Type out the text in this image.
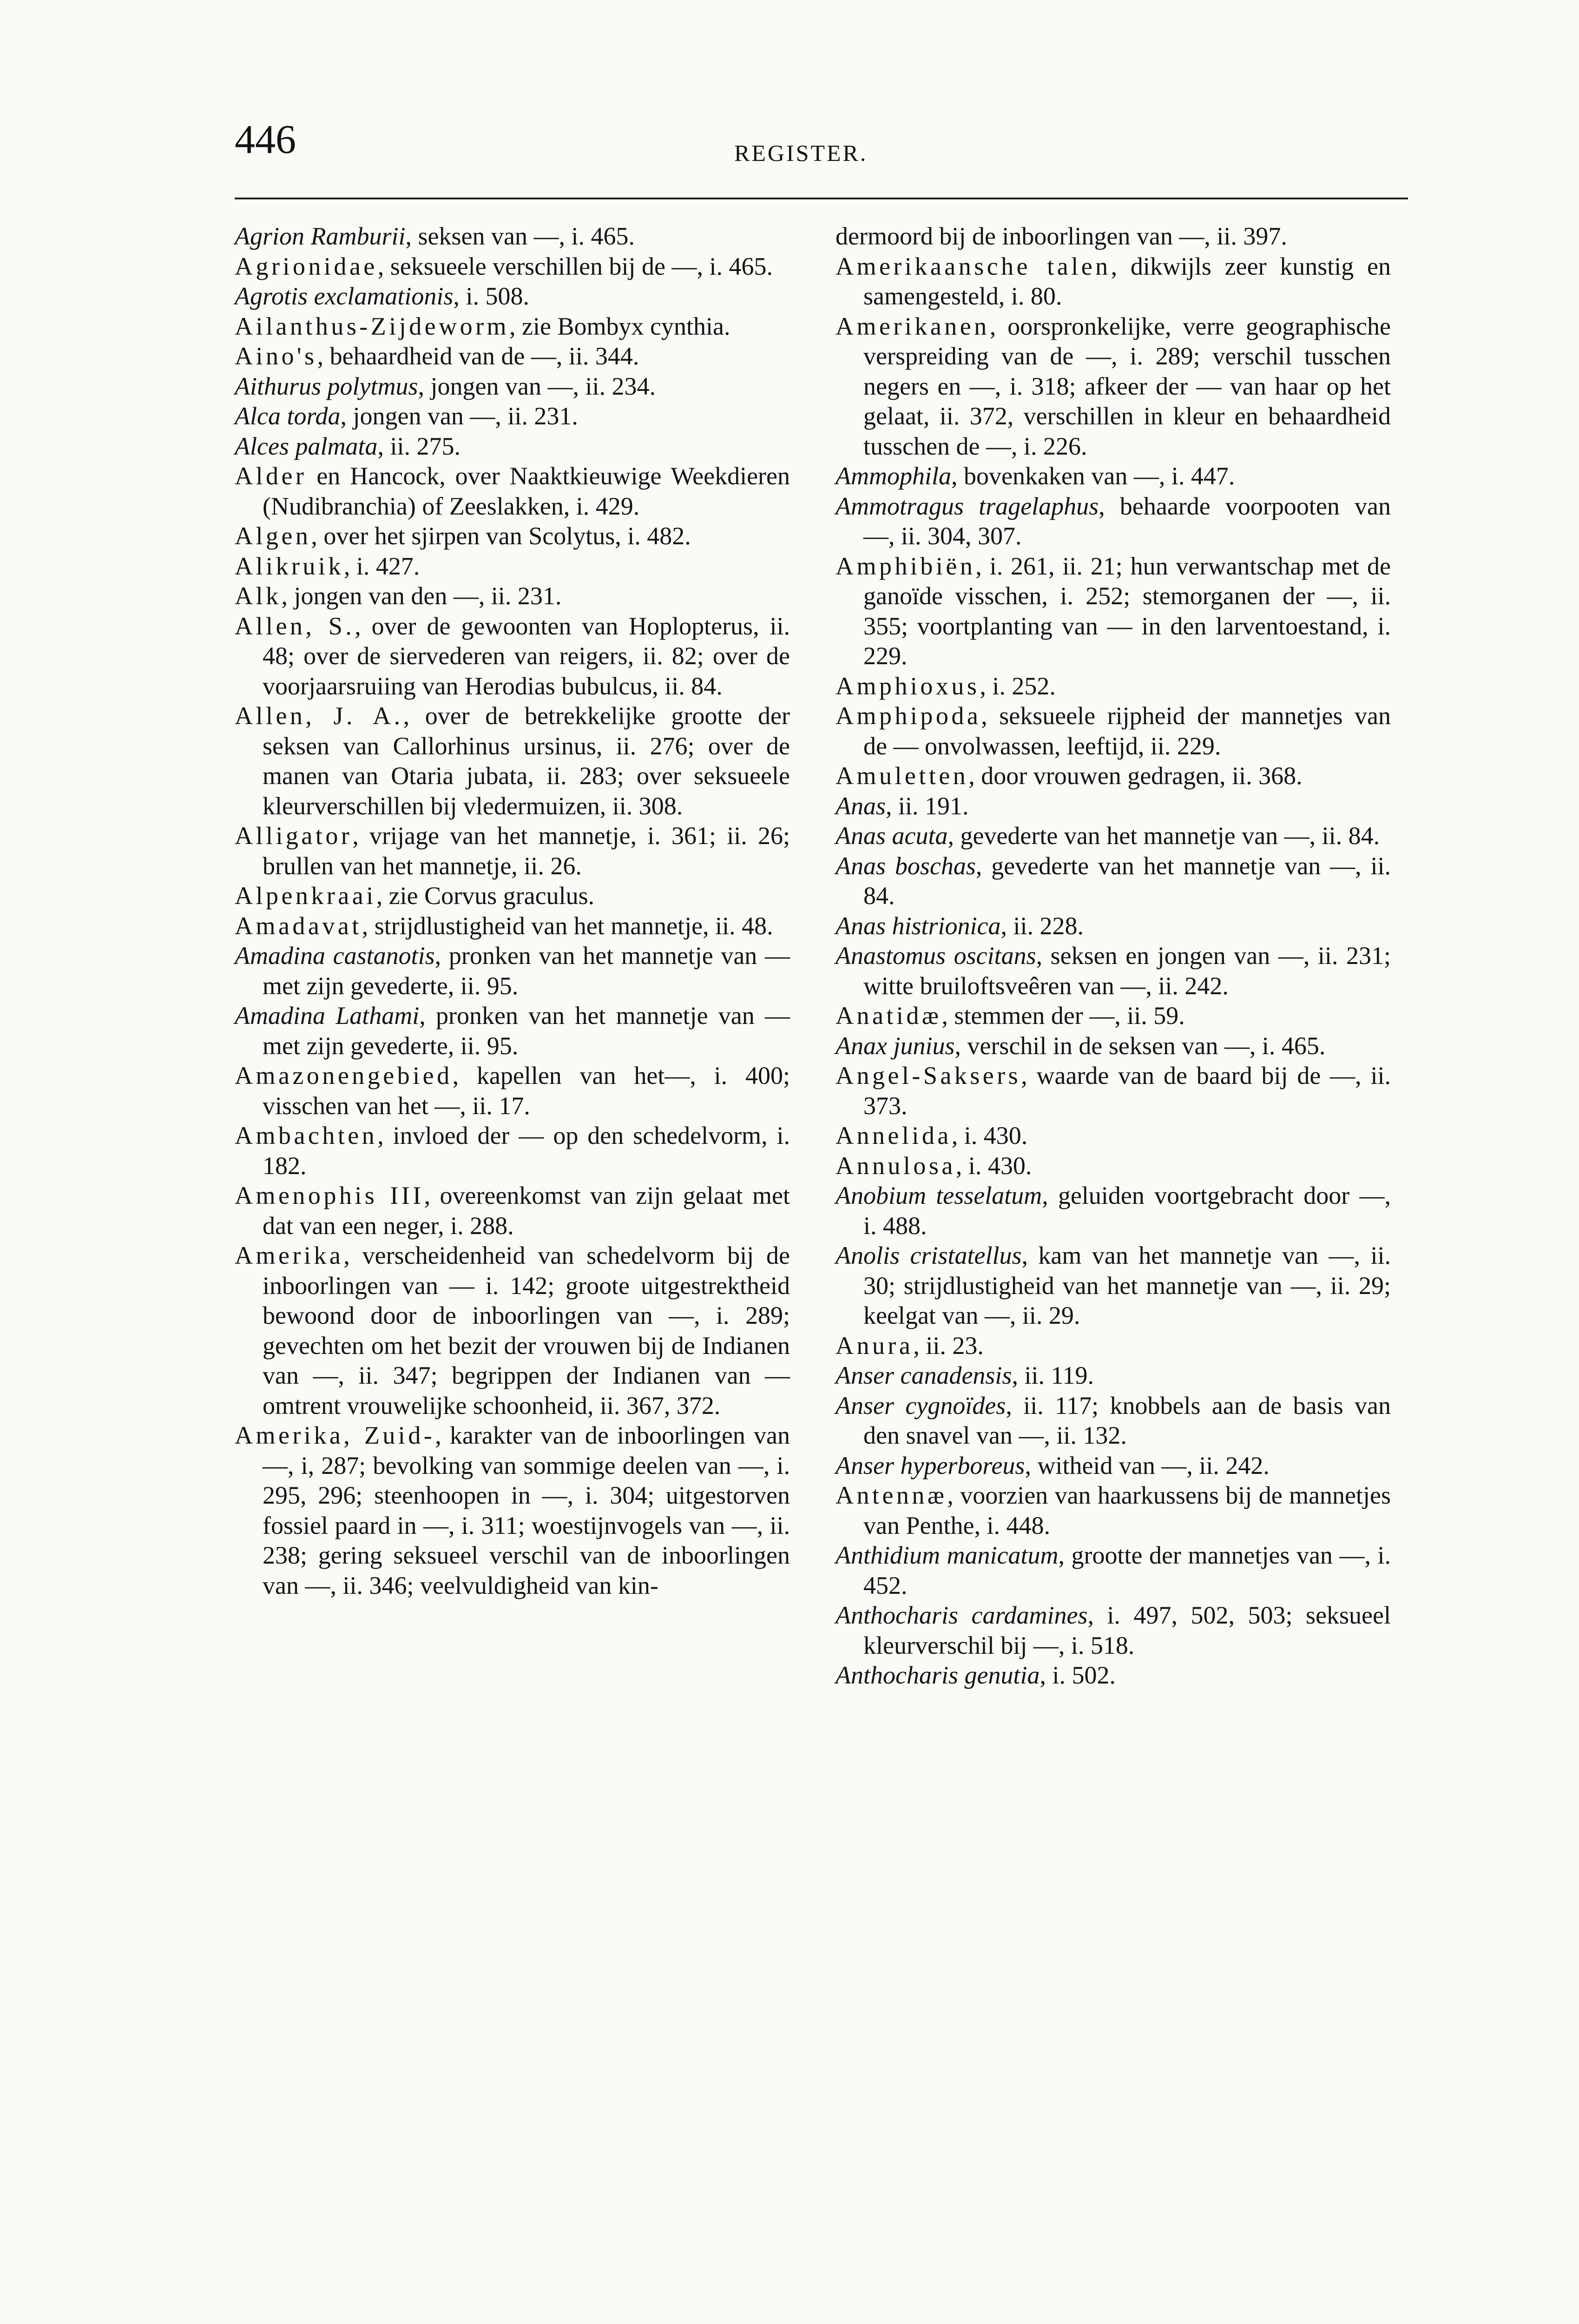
446	REGISTER.

Agrion Ramburii, seksen van —, i. 465.

Agrionidae, seksueele verschillen bij de —, i. 465.

Agrotis exclamationis, i. 508.

Ailanthus-Zijdeworm, zie Bombyx cynthia.

Aino's, behaardheid van de —, ii. 344.

Aithurus polytmus, jongen van —, ii. 234.

Alca torda, jongen van —, ii. 231.

Alces palmata, ii. 275.

Alder en Hancock, over Naaktkieuwige Weekdieren (Nudibranchia) of Zeeslakken, i. 429.

Algen, over het sjirpen van Scolytus, i. 482.

Alikruik, i. 427.

Alk, jongen van den —, ii. 231.

Allen, S., over de gewoonten van Hoplopterus, ii. 48; over de siervederen van reigers, ii. 82; over de voorjaarsruiing van Herodias bubulcus, ii. 84.

Allen, J. A., over de betrekkelijke grootte der seksen van Callorhinus ursinus, ii. 276; over de manen van Otaria jubata, ii. 283; over seksueele kleurverschillen bij vledermuizen, ii. 308.

Alligator, vrijage van het mannetje, i. 361; ii. 26; brullen van het mannetje, ii. 26.

Alpenkraai, zie Corvus graculus.

Amadavat, strijdlustigheid van het mannetje, ii. 48.

Amadina castanotis, pronken van het mannetje van — met zijn gevederte, ii. 95.

Amadina Lathami, pronken van het mannetje van — met zijn gevederte, ii. 95.

Amazonengebied, kapellen van het—, i. 400; visschen van het —, ii. 17.

Ambachten, invloed der — op den schedelvorm, i. 182.

Amenophis III, overeenkomst van zijn gelaat met dat van een neger, i. 288.

Amerika, verscheidenheid van schedelvorm bij de inboorlingen van — i. 142; groote uitgestrektheid bewoond door de inboorlingen van —, i. 289; gevechten om het bezit der vrouwen bij de Indianen van —, ii. 347; begrippen der Indianen van — omtrent vrouwelijke schoonheid, ii. 367, 372.

Amerika, Zuid-, karakter van de inboorlingen van —, i, 287; bevolking van sommige deelen van —, i. 295, 296; steenhoopen in —, i. 304; uitgestorven fossiel paard in —, i. 311; woestijnvogels van —, ii. 238; gering seksueel verschil van de inboorlingen van —, ii. 346; veelvuldigheid van kin-

dermoord bij de inboorlingen van —, ii. 397.

Amerikaansche talen, dikwijls zeer kunstig en samengesteld, i. 80.

Amerikanen, oorspronkelijke, verre geographische verspreiding van de —, i. 289; verschil tusschen negers en —, i. 318; afkeer der — van haar op het gelaat, ii. 372, verschillen in kleur en behaardheid tusschen de —, i. 226.

Ammophila, bovenkaken van —, i. 447.

Ammotragus tragelaphus, behaarde voorpooten van —, ii. 304, 307.

Amphibiën, i. 261, ii. 21; hun verwantschap met de ganoïde visschen, i. 252; stemorganen der —, ii. 355; voortplanting van — in den larventoestand, i. 229.

Amphioxus, i. 252.

Amphipoda, seksueele rijpheid der mannetjes van de — onvolwassen, leeftijd, ii. 229.

Amuletten, door vrouwen gedragen, ii. 368.

Anas, ii. 191.

Anas acuta, gevederte van het mannetje van —, ii. 84.

Anas boschas, gevederte van het mannetje van —, ii. 84.

Anas histrionica, ii. 228.

Anastomus oscitans, seksen en jongen van —, ii. 231; witte bruiloftsveêren van —, ii. 242.

Anatidæ, stemmen der —, ii. 59.

Anax junius, verschil in de seksen van —, i. 465.

Angel-Saksers, waarde van de baard bij de —, ii. 373.

Annelida, i. 430.

Annulosa, i. 430.

Anobium tesselatum, geluiden voortgebracht door —, i. 488.

Anolis cristatellus, kam van het mannetje van —, ii. 30; strijdlustigheid van het mannetje van —, ii. 29; keelgat van —, ii. 29.

Anura, ii. 23.

Anser canadensis, ii. 119.

Anser cygnoïdes, ii. 117; knobbels aan de basis van den snavel van —, ii. 132.

Anser hyperboreus, witheid van —, ii. 242.

Antennæ, voorzien van haarkussens bij de mannetjes van Penthe, i. 448.

Anthidium manicatum, grootte der mannetjes van —, i. 452.

Anthocharis cardamines, i. 497, 502, 503; seksueel kleurverschil bij —, i. 518.

Anthocharis genutia, i. 502.
